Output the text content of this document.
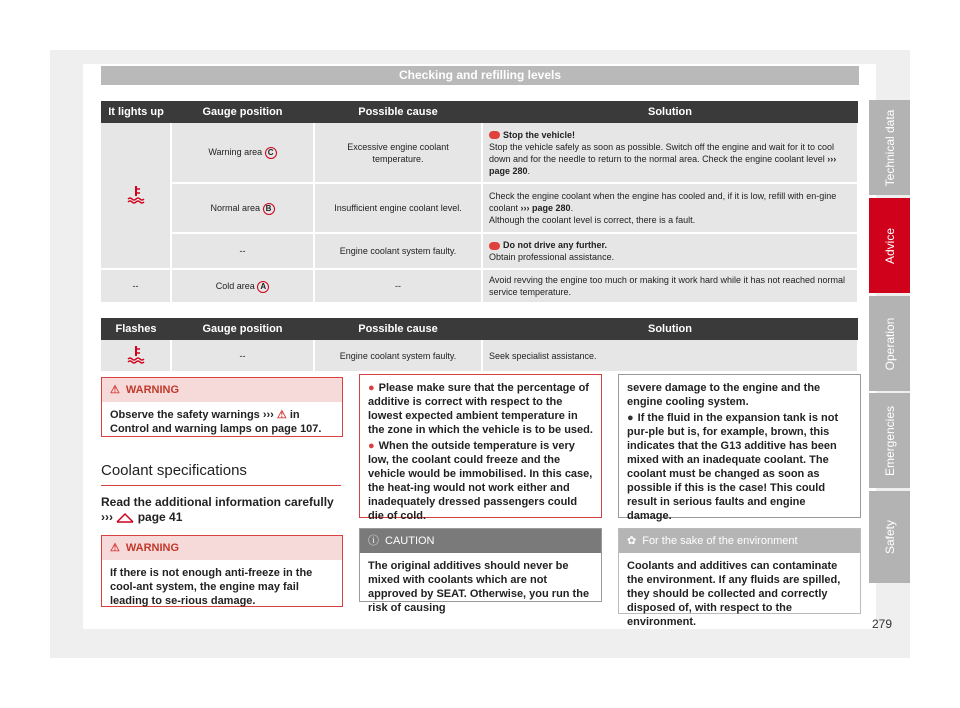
Checking and refilling levels
It lights up	Gauge position	Possible cause	Solution
	Warning area C	Excessive engine coolant temperature.	Stop the vehicle!
Stop the vehicle safely as soon as possible. Switch off the engine and wait for it to cool down and for the needle to return to the normal area. Check the engine coolant level ››› page 280.
	Normal area B	Insufficient engine coolant level.	Check the engine coolant when the engine has cooled and, if it is low, refill with en-gine coolant ››› page 280.
Although the coolant level is correct, there is a fault.
	--	Engine coolant system faulty.	Do not drive any further.
Obtain professional assistance.
--	Cold area A	--	Avoid revving the engine too much or making it work hard while it has not reached normal service temperature.
Flashes	Gauge position	Possible cause	Solution
	--	Engine coolant system faulty.	Seek specialist assistance.
⚠ WARNING
Observe the safety warnings ››› ⚠ in Control and warning lamps on page 107.
Coolant specifications
Read the additional information carefully
››› page 41
⚠ WARNING
If there is not enough anti-freeze in the cool-ant system, the engine may fail leading to se-rious damage.

● Please make sure that the percentage of additive is correct with respect to the lowest expected ambient temperature in the zone in which the vehicle is to be used.

● When the outside temperature is very low, the coolant could freeze and the vehicle would be immobilised. In this case, the heat-ing would not work either and inadequately dressed passengers could die of cold.

ⓘ CAUTION
The original additives should never be mixed with coolants which are not approved by SEAT. Otherwise, you run the risk of causing

severe damage to the engine and the engine cooling system.

● If the fluid in the expansion tank is not pur-ple but is, for example, brown, this indicates that the G13 additive has been mixed with an inadequate coolant. The coolant must be changed as soon as possible if this is the case! This could result in serious faults and engine damage.

✿ For the sake of the environment
Coolants and additives can contaminate the environment. If any fluids are spilled, they should be collected and correctly disposed of, with respect to the environment.
Technical data
Advice
Operation
Emergencies
Safety
279
